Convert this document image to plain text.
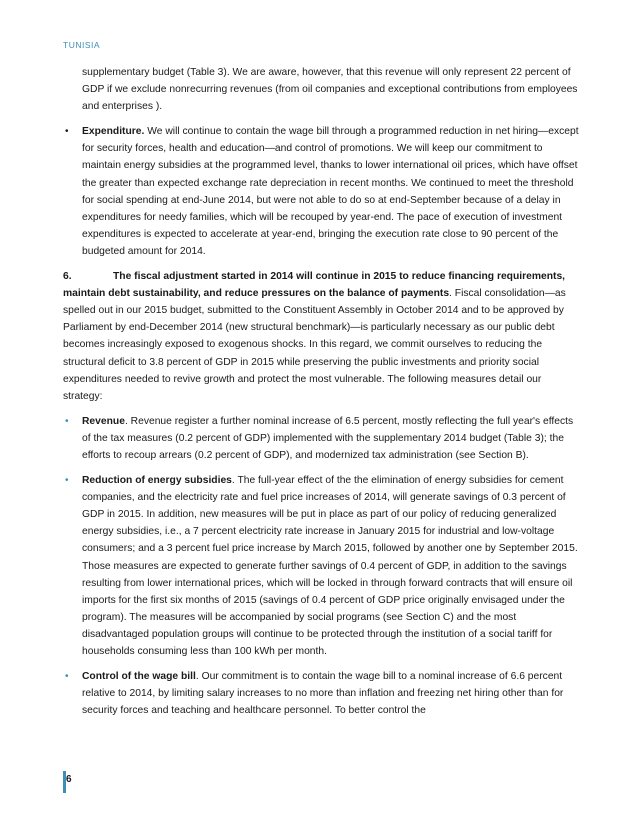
TUNISIA

supplementary budget (Table 3). We are aware, however, that this revenue will only represent 22 percent of GDP if we exclude nonrecurring revenues (from oil companies and exceptional contributions from employees and enterprises ).

• Expenditure. We will continue to contain the wage bill through a programmed reduction in net hiring—except for security forces, health and education—and control of promotions. We will keep our commitment to maintain energy subsidies at the programmed level, thanks to lower international oil prices, which have offset the greater than expected exchange rate depreciation in recent months. We continued to meet the threshold for social spending at end-June 2014, but were not able to do so at end-September because of a delay in expenditures for needy families, which will be recouped by year-end. The pace of execution of investment expenditures is expected to accelerate at year-end, bringing the execution rate close to 90 percent of the budgeted amount for 2014.

6.	The fiscal adjustment started in 2014 will continue in 2015 to reduce financing requirements, maintain debt sustainability, and reduce pressures on the balance of payments. Fiscal consolidation—as spelled out in our 2015 budget, submitted to the Constituent Assembly in October 2014 and to be approved by Parliament by end-December 2014 (new structural benchmark)—is particularly necessary as our public debt becomes increasingly exposed to exogenous shocks. In this regard, we commit ourselves to reducing the structural deficit to 3.8 percent of GDP in 2015 while preserving the public investments and priority social expenditures needed to revive growth and protect the most vulnerable. The following measures detail our strategy:

• Revenue. Revenue register a further nominal increase of 6.5 percent, mostly reflecting the full year's effects of the tax measures (0.2 percent of GDP) implemented with the supplementary 2014 budget (Table 3); the efforts to recoup arrears (0.2 percent of GDP), and modernized tax administration (see Section B).

• Reduction of energy subsidies. The full-year effect of the the elimination of energy subsidies for cement companies, and the electricity rate and fuel price increases of 2014, will generate savings of 0.3 percent of GDP in 2015. In addition, new measures will be put in place as part of our policy of reducing generalized energy subsidies, i.e., a 7 percent electricity rate increase in January 2015 for industrial and low-voltage consumers; and a 3 percent fuel price increase by March 2015, followed by another one by September 2015. Those measures are expected to generate further savings of 0.4 percent of GDP, in addition to the savings resulting from lower international prices, which will be locked in through forward contracts that will ensure oil imports for the first six months of 2015 (savings of 0.4 percent of GDP price originally envisaged under the program). The measures will be accompanied by social programs (see Section C) and the most disadvantaged population groups will continue to be protected through the institution of a social tariff for households consuming less than 100 kWh per month.

• Control of the wage bill. Our commitment is to contain the wage bill to a nominal increase of 6.6 percent relative to 2014, by limiting salary increases to no more than inflation and freezing net hiring other than for security forces and teaching and healthcare personnel. To better control the

6
